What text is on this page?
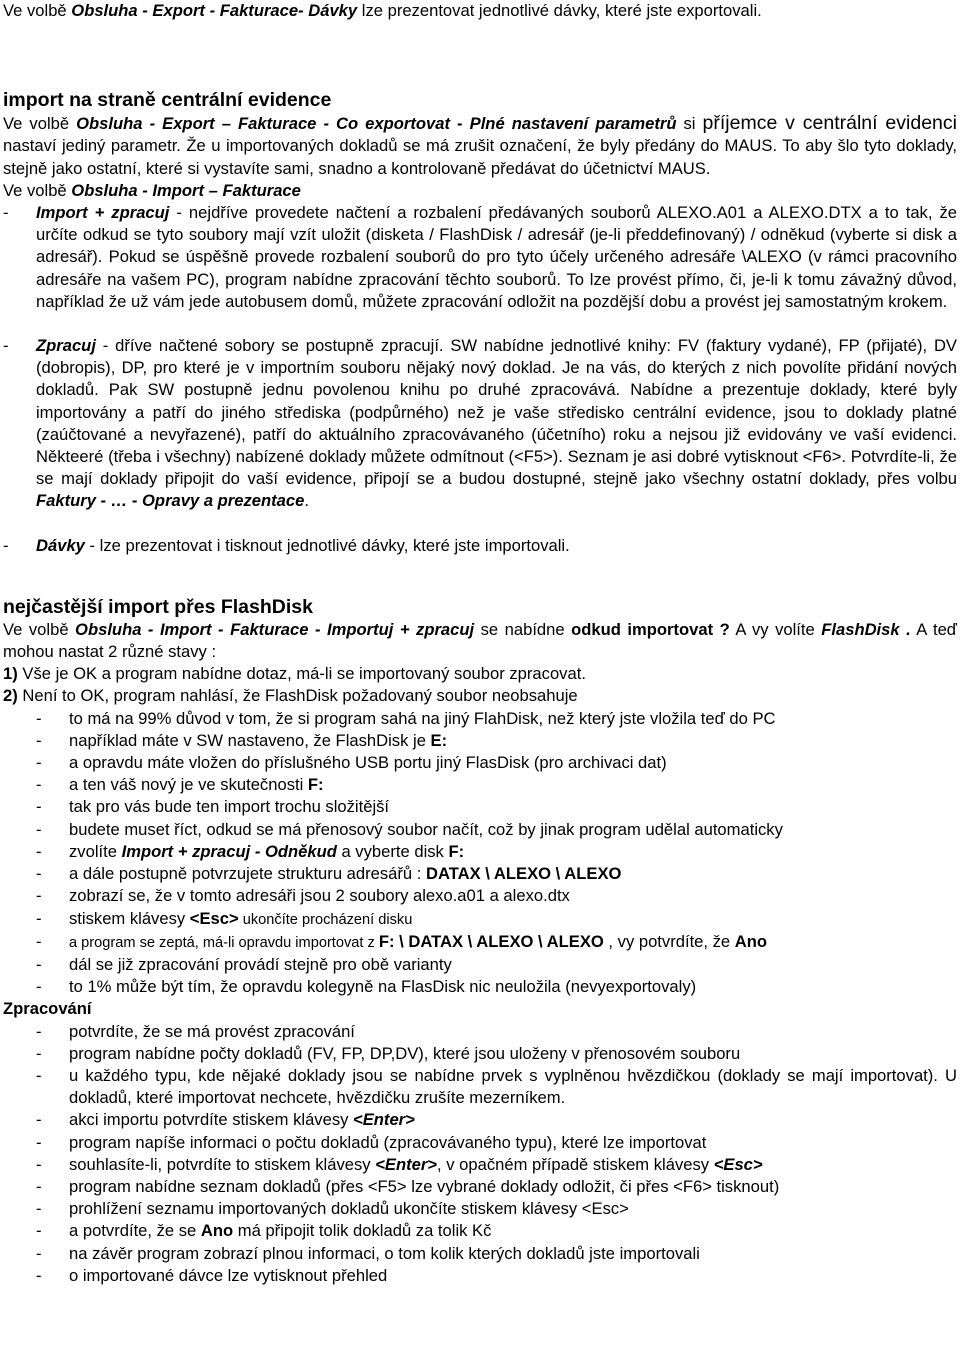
Ve volbě Obsluha - Export - Fakturace- Dávky lze prezentovat jednotlivé dávky, které jste exportovali.

import na straně centrální evidence

Ve volbě Obsluha - Export – Fakturace - Co exportovat - Plné nastavení parametrů si příjemce v centrální evidenci nastaví jediný parametr. Že u importovaných dokladů se má zrušit označení, že byly předány do MAUS. To aby šlo tyto doklady, stejně jako ostatní, které si vystavíte sami, snadno a kontrolovaně předávat do účetnictví MAUS.

Ve volbě Obsluha - Import – Fakturace

-	Import + zpracuj - nejdříve provedete načtení a rozbalení předávaných souborů ALEXO.A01 a ALEXO.DTX a to tak, že určíte odkud se tyto soubory mají vzít uložit (disketa / FlashDisk / adresář (je-li předdefinovaný) / odněkud (vyberte si disk a adresář). Pokud se úspěšně provede rozbalení souborů do pro tyto účely určeného adresáře \ALEXO (v rámci pracovního adresáře na vašem PC), program nabídne zpracování těchto souborů. To lze provést přímo, či, je-li k tomu závažný důvod, například že už vám jede autobusem domů, můžete zpracování odložit na pozdější dobu a provést jej samostatným krokem.
-	Zpracuj - dříve načtené sobory se postupně zpracují. SW nabídne jednotlivé knihy: FV (faktury vydané), FP (přijaté), DV (dobropis), DP, pro které je v importním souboru nějaký nový doklad. Je na vás, do kterých z nich povolíte přidání nových dokladů. Pak SW postupně jednu povolenou knihu po druhé zpracovává. Nabídne a prezentuje doklady, které byly importovány a patří do jiného střediska (podpůrného) než je vaše středisko centrální evidence, jsou to doklady platné (zaúčtované a nevyřazené), patří do aktuálního zpracovávaného (účetního) roku a nejsou již evidovány ve vaší evidenci. Někteeré (třeba i všechny) nabízené doklady můžete odmítnout (<F5>). Seznam je asi dobré vytisknout <F6>. Potvrdíte-li, že se mají doklady připojit do vaší evidence, připojí se a budou dostupné, stejně jako všechny ostatní doklady, přes volbu Faktury - … - Opravy a prezentace.
-	Dávky - lze prezentovat i tisknout jednotlivé dávky, které jste importovali.
nejčastější import přes FlashDisk

Ve volbě Obsluha - Import - Fakturace - Importuj + zpracuj se nabídne odkud importovat ? A vy volíte FlashDisk . A teď mohou nastat 2 různé stavy :

1) Vše je OK a program nabídne dotaz, má-li se importovaný soubor zpracovat.

2) Není to OK, program nahlásí, že FlashDisk požadovaný soubor neobsahuje

-	to má na 99% důvod v tom, že si program sahá na jiný FlahDisk, než který jste vložila teď do PC
-	například máte v SW nastaveno, že FlashDisk je E:
-	a opravdu máte vložen do příslušného USB portu jiný FlasDisk (pro archivaci dat)
-	a ten váš nový je ve skutečnosti F:
-	tak pro vás bude ten import trochu složitější
-	budete muset říct, odkud se má přenosový soubor načít, což by jinak program udělal automaticky
-	zvolíte Import + zpracuj - Odněkud a vyberte disk F:
-	a dále postupně potvrzujete strukturu adresářů : DATAX \ ALEXO \ ALEXO
-	zobrazí se, že v tomto adresáři jsou 2 soubory alexo.a01 a alexo.dtx
-	stiskem klávesy <Esc> ukončíte procházení disku
-	a program se zeptá, má-li opravdu importovat z F: \ DATAX \ ALEXO \ ALEXO , vy potvrdíte, že Ano
-	dál se již zpracování provádí stejně pro obě varianty
-	to 1% může být tím, že opravdu kolegyně na FlasDisk nic neuložila (nevyexportovaly)

Zpracování

-	potvrdíte, že se má provést zpracování
-	program nabídne počty dokladů (FV, FP, DP,DV), které jsou uloženy v přenosovém souboru
-	u každého typu, kde nějaké doklady jsou se nabídne prvek s vyplněnou hvězdičkou (doklady se mají importovat). U dokladů, které importovat nechcete, hvězdičku zrušíte mezerníkem.
-	akci importu potvrdíte stiskem klávesy <Enter>
-	program napíše informaci o počtu dokladů (zpracovávaného typu), které lze importovat
-	souhlasíte-li, potvrdíte to stiskem klávesy <Enter>, v opačném případě stiskem klávesy <Esc>
-	program nabídne seznam dokladů (přes <F5> lze vybrané doklady odložit, či přes <F6> tisknout)
-	prohlížení seznamu importovaných dokladů ukončíte stiskem klávesy <Esc>
-	a potvrdíte, že se Ano má připojit tolik dokladů za tolik Kč
-	na závěr program zobrazí plnou informaci, o tom kolik kterých dokladů jste importovali
-	o importované dávce lze vytisknout přehled
